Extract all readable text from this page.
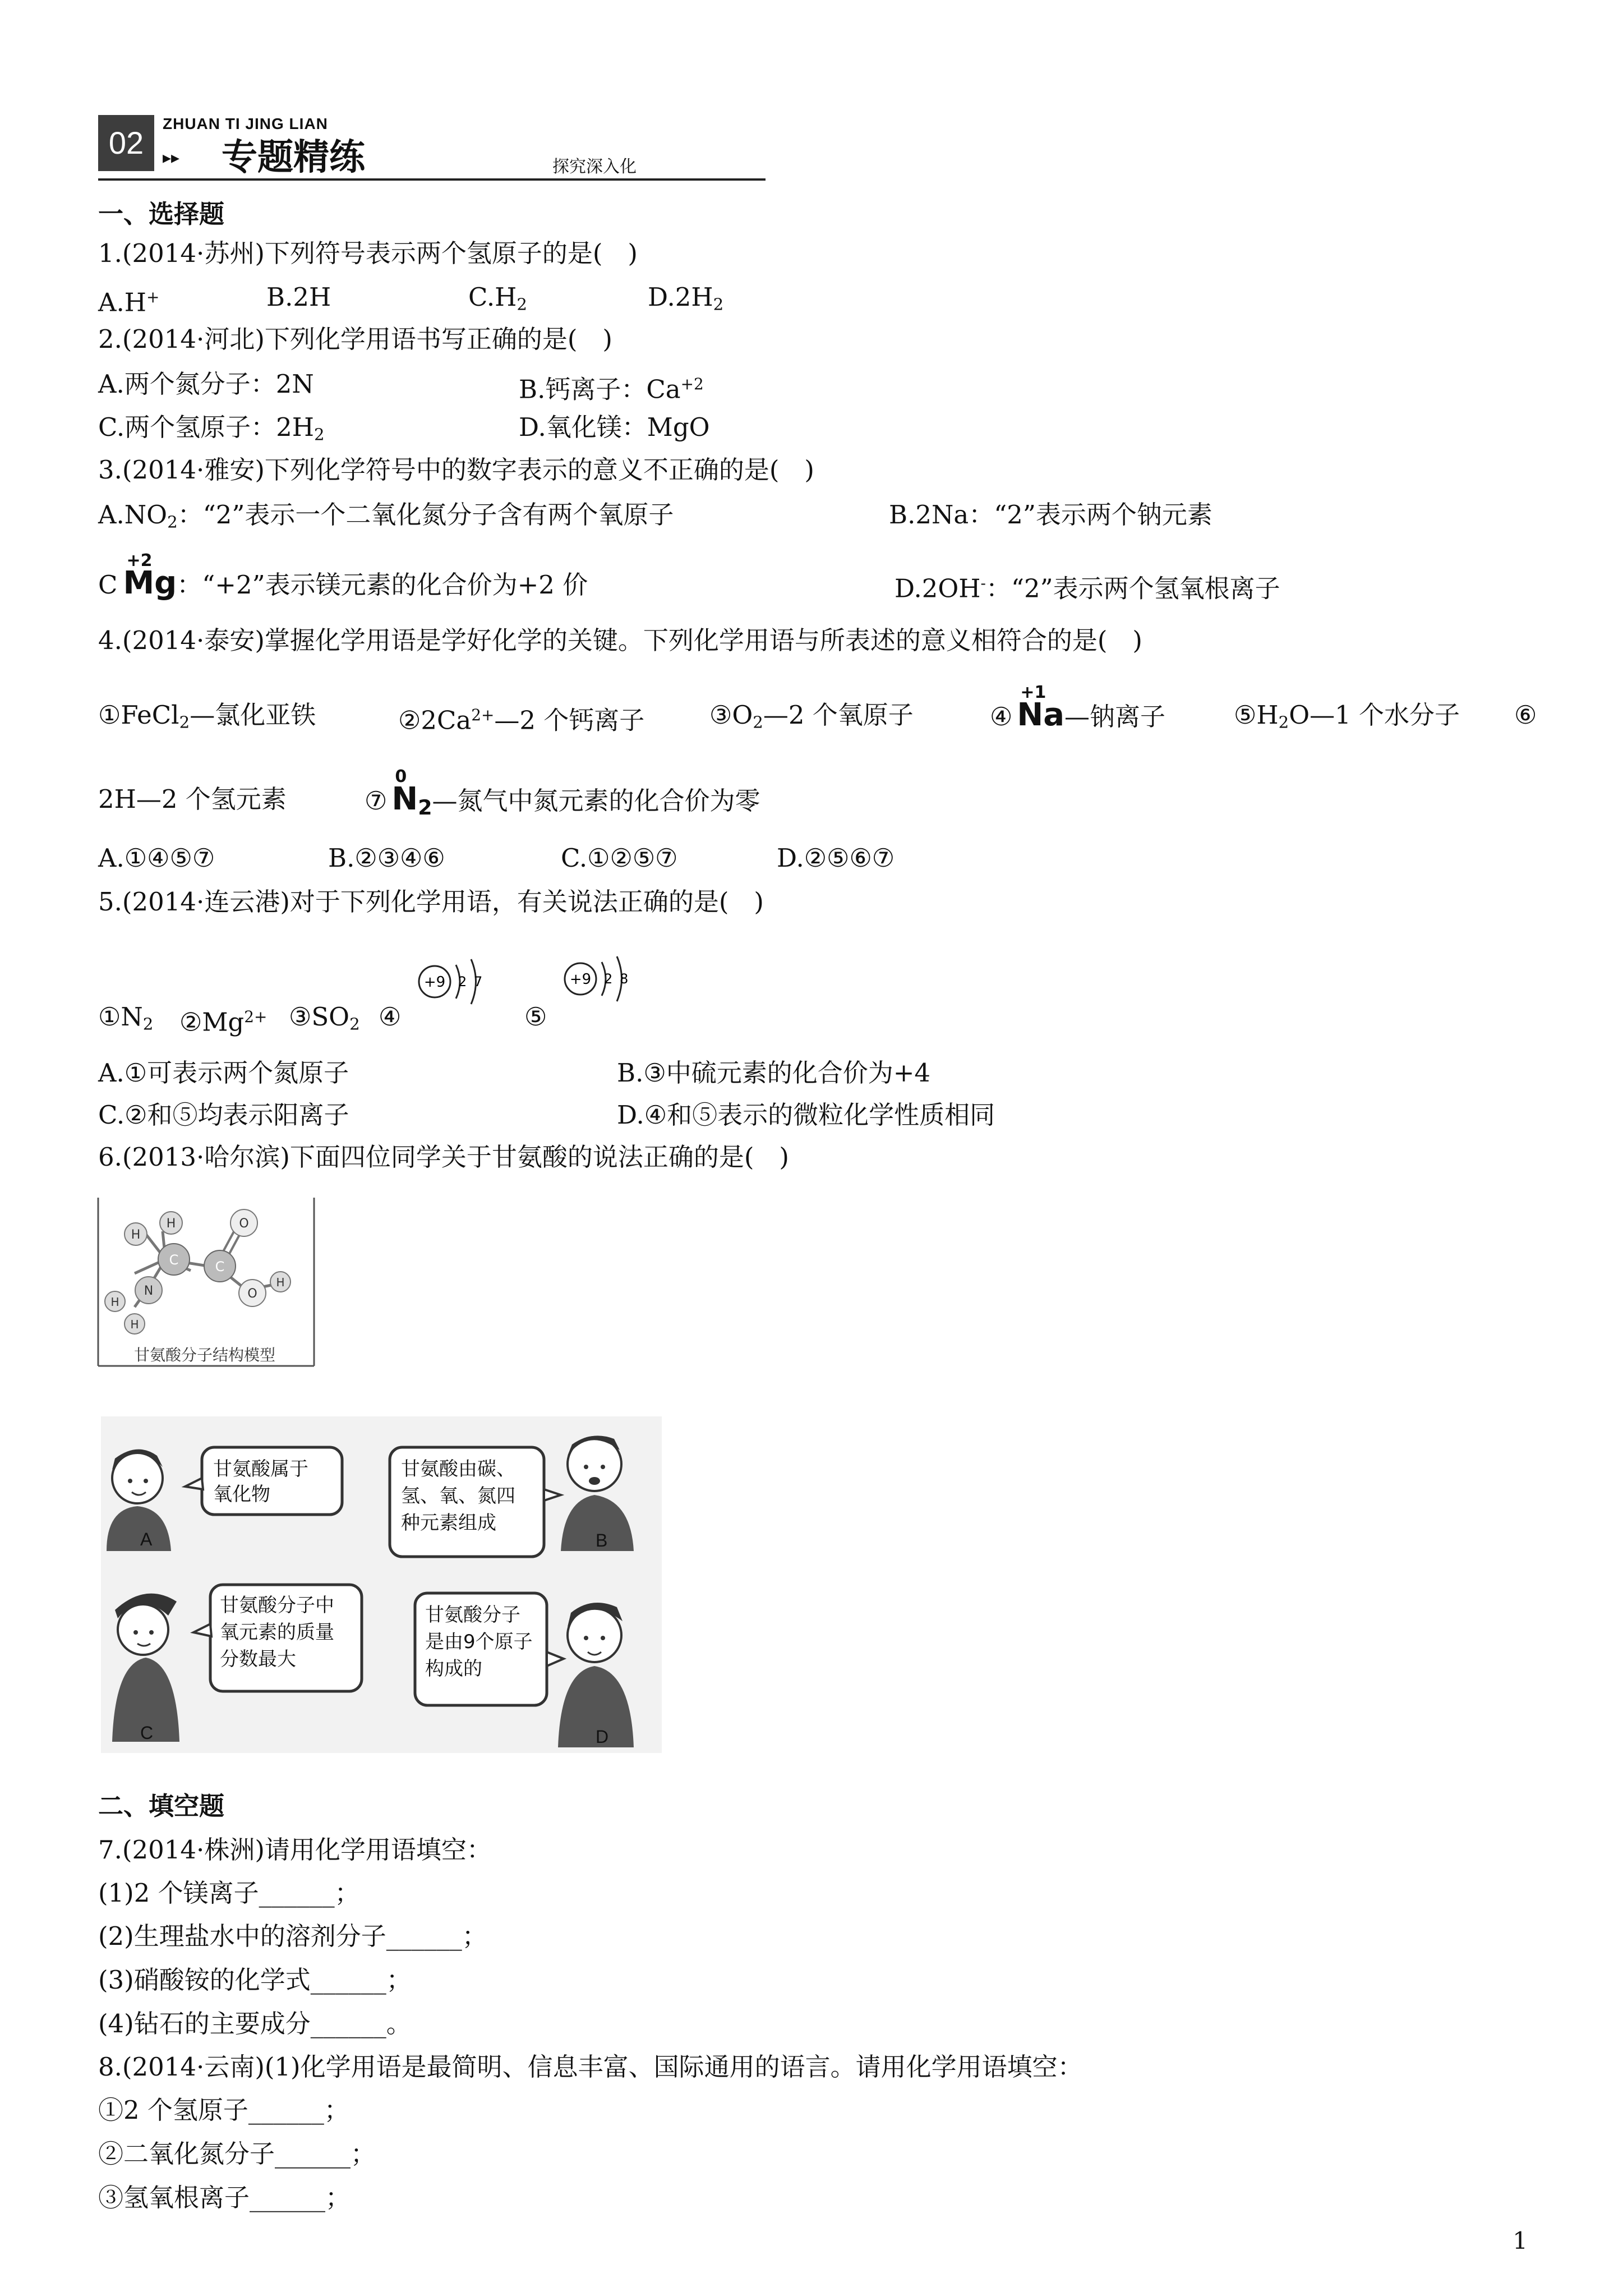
02
ZHUAN TI JING LIAN
▸▸ 专题精练	探究深入化
一、选择题
1.(2014·苏州)下列符号表示两个氢原子的是(　)

A.H+

	B.2H

	$C.H_2$

	$D.2H_2$

2.(2014·河北)下列化学用语书写正确的是(　)

A.两个氮分子：2N

	B.钙离子：$Ca^{+2}$

C.两个氢原子：$2H_2$

	D.氧化镁：MgO

3.(2014·雅安)下列化学符号中的数字表示的意义不正确的是(　)

$A.NO_2$：“2”表示一个二氧化氮分子含有两个氧原子

	B.2Na：“2”表示两个钠元素

C
+2
Mg：“+2”表示镁元素的化合价为+2 价

	D.2OH-：“2”表示两个氢氧根离子

4.(2014·泰安)掌握化学用语是学好化学的关键。下列化学用语与所表述的意义相符合的是(　)

①FeCl$_2$—氯化亚铁

	$②2Ca^{2+}—2$ 个钙离子

	$③O_2—2$ 个氧原子

	④
+1
Na—钠离子

	$⑤H_2O—1$ 个水分子

⑥

2H—2 个氢元素

	⑦
0
$N_2—$氮气中氮元素的化合价为零

A.①④⑤⑦

	B.②③④⑥

	C.①②⑤⑦

	D.②⑤⑥⑦

5.(2014·连云港)对于下列化学用语，有关说法正确的是(　)

$①N_2$

$②Mg^{2+}$

$③SO_2$

④

	⑤

+9 2 7	+9 2 8

A.①可表示两个氮原子

	B.③中硫元素的化合价为+4

C.②和⑤均表示阳离子

	D.④和⑤表示的微粒化学性质相同

6.(2013·哈尔滨)下面四位同学关于甘氨酸的说法正确的是(　)
H
H
C	C
O
O
H
N
H
H
甘氨酸分子结构模型
A
甘氨酸属于
氧化物
B
甘氨酸由碳、
氢、氧、氮四
种元素组成
C
甘氨酸分子中
氧元素的质量
分数最大
D
甘氨酸分子
是由9个原子
构成的
二、填空题
7.(2014·株洲)请用化学用语填空：
(1)2 个镁离子______；
(2)生理盐水中的溶剂分子______；
(3)硝酸铵的化学式______；
(4)钻石的主要成分______。
8.(2014·云南)(1)化学用语是最简明、信息丰富、国际通用的语言。请用化学用语填空：
①2 个氢原子______；
②二氧化氮分子______；
③氢氧根离子______；
1
